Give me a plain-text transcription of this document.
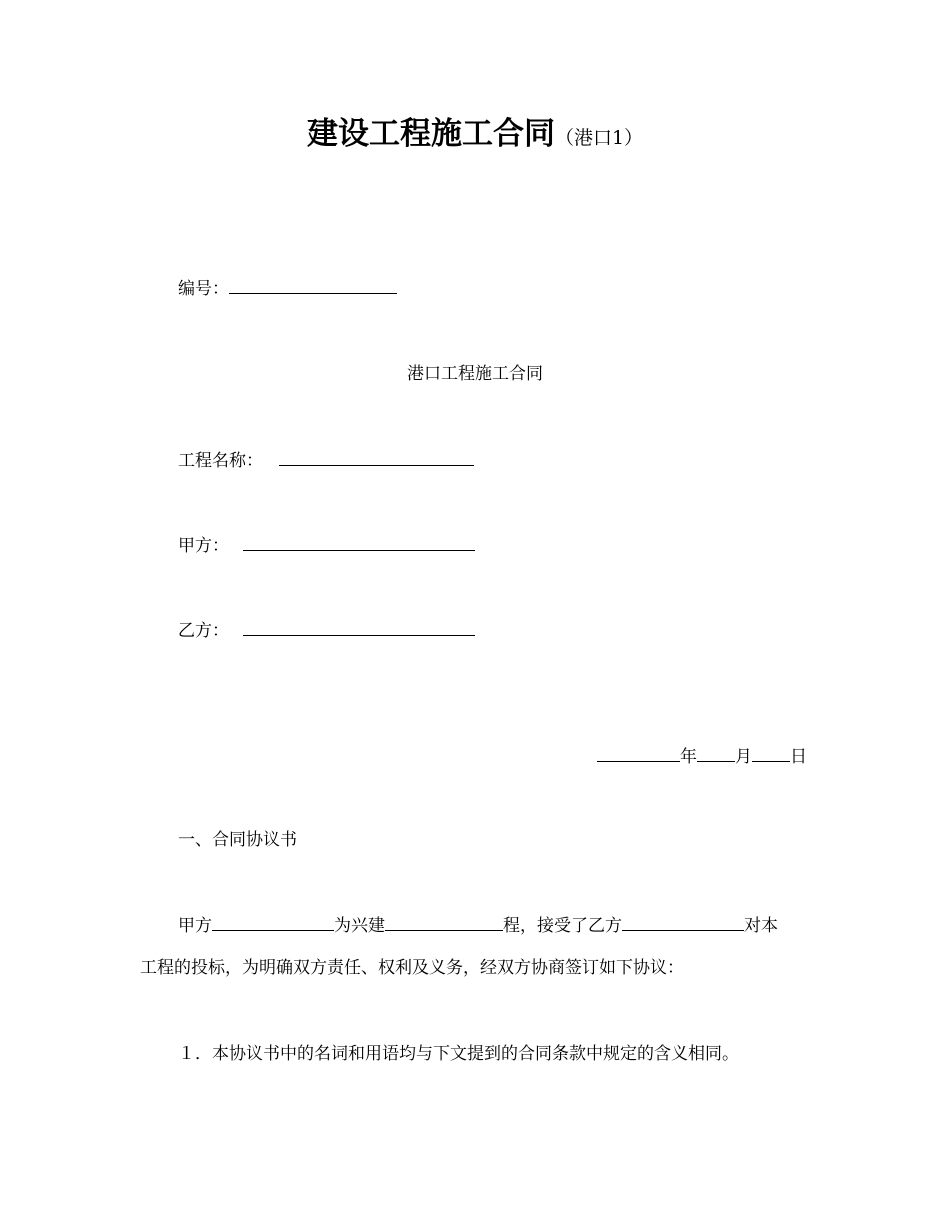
建设工程施工合同（港口1）
编号：
港口工程施工合同
工程名称：
甲方：
乙方：
年 月 日
一、合同协议书
甲方	为兴建	程，接受了乙方	对本
工程的投标，为明确双方责任、权利及义务，经双方协商签订如下协议：
１．本协议书中的名词和用语均与下文提到的合同条款中规定的含义相同。
